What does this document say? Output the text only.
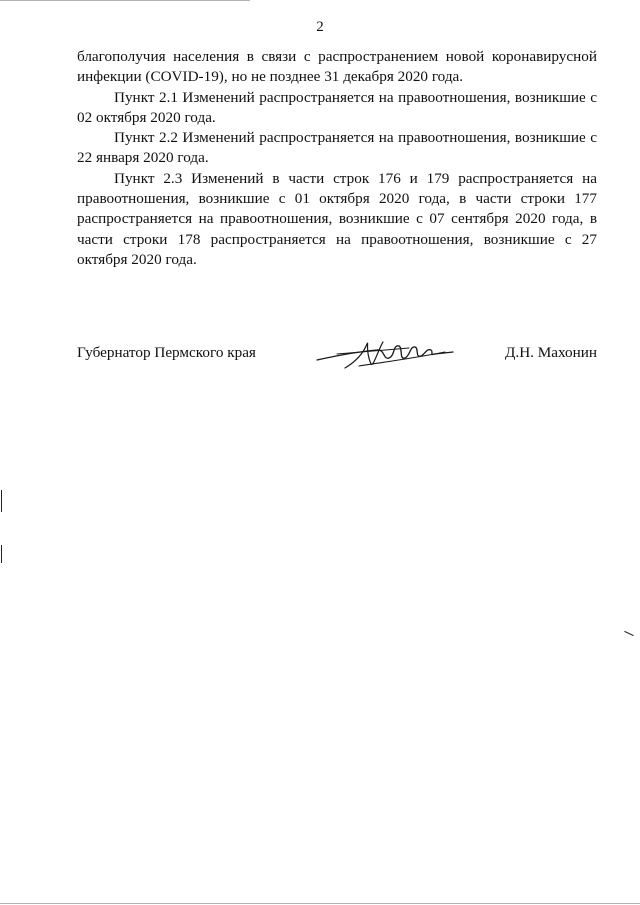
2

благополучия населения в связи с распространением новой коронавирусной инфекции (COVID-19), но не позднее 31 декабря 2020 года.

Пункт 2.1 Изменений распространяется на правоотношения, возникшие с 02 октября 2020 года.

Пункт 2.2 Изменений распространяется на правоотношения, возникшие с 22 января 2020 года.

Пункт 2.3 Изменений в части строк 176 и 179 распространяется на правоотношения, возникшие с 01 октября 2020 года, в части строки 177 распространяется на правоотношения, возникшие с 07 сентября 2020 года, в части строки 178 распространяется на правоотношения, возникшие с 27 октября 2020 года.

Губернатор Пермского края	Д.Н. Махонин
